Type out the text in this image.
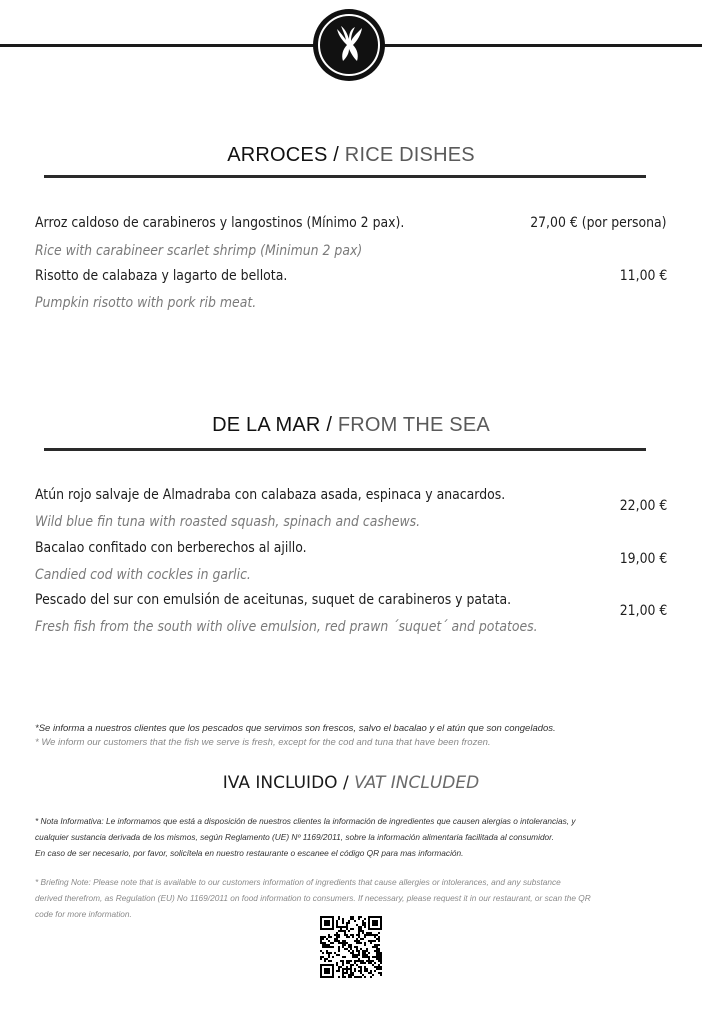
ARROCES / RICE DISHES
Arroz caldoso de carabineros y langostinos (Mínimo 2 pax).	27,00 € (por persona)
Rice with carabineer scarlet shrimp (Minimun 2 pax)
Risotto de calabaza y lagarto de bellota.	11,00 €
Pumpkin risotto with pork rib meat.
DE LA MAR / FROM THE SEA
Atún rojo salvaje de Almadraba con calabaza asada, espinaca y anacardos.
22,00 €
Wild blue fin tuna with roasted squash, spinach and cashews.
Bacalao confitado con berberechos al ajillo.
19,00 €
Candied cod with cockles in garlic.
Pescado del sur con emulsión de aceitunas, suquet de carabineros y patata.
21,00 €
Fresh fish from the south with olive emulsion, red prawn ´suquet´ and potatoes.
*Se informa a nuestros clientes que los pescados que servimos son frescos, salvo el bacalao y el atún que son congelados.
* We inform our customers that the fish we serve is fresh, except for the cod and tuna that have been frozen.
IVA INCLUIDO / VAT INCLUDED
* Nota Informativa: Le informamos que está a disposición de nuestros clientes la información de ingredientes que causen alergias o intolerancias, y
cualquier sustancia derivada de los mismos, según Reglamento (UE) Nº 1169/2011, sobre la información alimentaria facilitada al consumidor.
En caso de ser necesario, por favor, solicítela en nuestro restaurante o escanee el código QR para mas información.
* Briefing Note: Please note that is available to our customers information of ingredients that cause allergies or intolerances, and any substance
derived therefrom, as Regulation (EU) No 1169/2011 on food information to consumers. If necessary, please request it in our restaurant, or scan the QR
code for more information.
